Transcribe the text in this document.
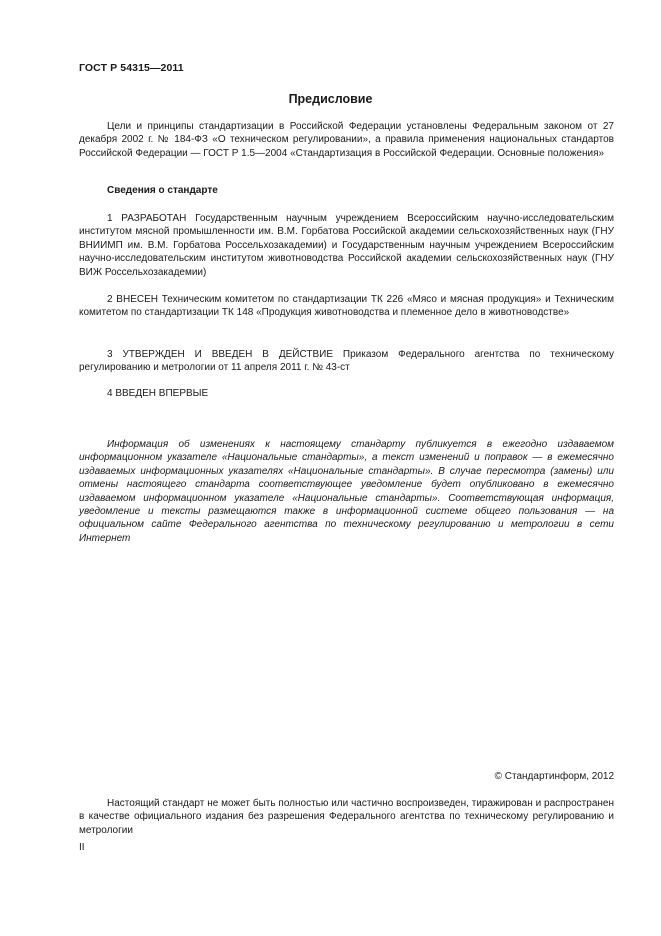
ГОСТ Р 54315—2011
Предисловие

Цели и принципы стандартизации в Российской Федерации установлены Федеральным законом от 27 декабря 2002 г. № 184-ФЗ «О техническом регулировании», а правила применения национальных стандартов Российской Федерации — ГОСТ Р 1.5—2004 «Стандартизация в Российской Федерации. Основные положения»

Сведения о стандарте

1 РАЗРАБОТАН Государственным научным учреждением Всероссийским научно-исследовательским институтом мясной промышленности им. В.М. Горбатова Российской академии сельскохозяйственных наук (ГНУ ВНИИМП им. В.М. Горбатова Россельхозакадемии) и Государственным научным учреждением Всероссийским научно-исследовательским институтом животноводства Российской академии сельскохозяйственных наук (ГНУ ВИЖ Россельхозакадемии)

2 ВНЕСЕН Техническим комитетом по стандартизации ТК 226 «Мясо и мясная продукция» и Техническим комитетом по стандартизации ТК 148 «Продукция животноводства и племенное дело в животноводстве»

3 УТВЕРЖДЕН И ВВЕДЕН В ДЕЙСТВИЕ Приказом Федерального агентства по техническому регулированию и метрологии от 11 апреля 2011 г. № 43-ст

4 ВВЕДЕН ВПЕРВЫЕ

Информация об изменениях к настоящему стандарту публикуется в ежегодно издаваемом информационном указателе «Национальные стандарты», а текст изменений и поправок — в ежемесячно издаваемых информационных указателях «Национальные стандарты». В случае пересмотра (замены) или отмены настоящего стандарта соответствующее уведомление будет опубликовано в ежемесячно издаваемом информационном указателе «Национальные стандарты». Соответствующая информация, уведомление и тексты размещаются также в информационной системе общего пользования — на официальном сайте Федерального агентства по техническому регулированию и метрологии в сети Интернет

© Стандартинформ, 2012

Настоящий стандарт не может быть полностью или частично воспроизведен, тиражирован и распространен в качестве официального издания без разрешения Федерального агентства по техническому регулированию и метрологии

II
